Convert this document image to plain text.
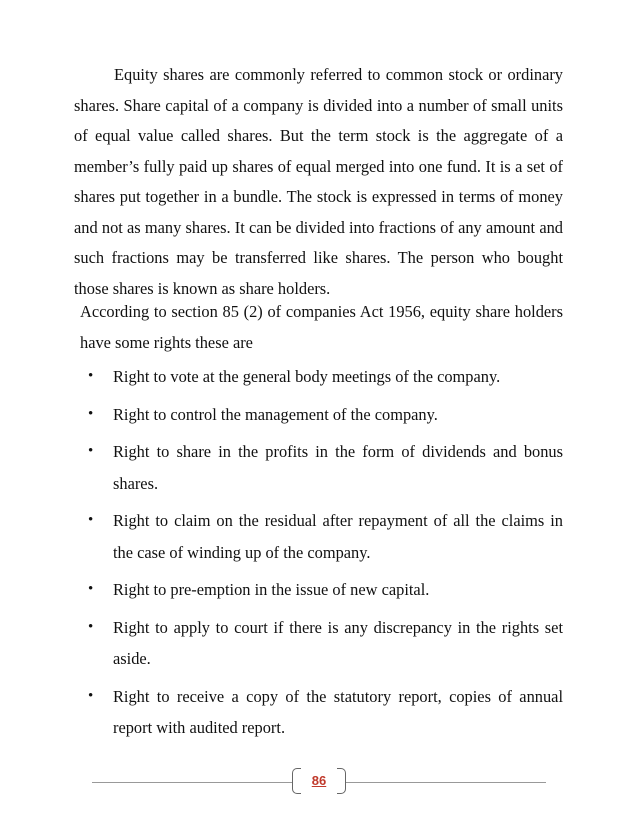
Equity shares are commonly referred to common stock or ordinary shares. Share capital of a company is divided into a number of small units of equal value called shares. But the term stock is the aggregate of a member’s fully paid up shares of equal merged into one fund. It is a set of shares put together in a bundle. The stock is expressed in terms of money and not as many shares. It can be divided into fractions of any amount and such fractions may be transferred like shares. The person who bought those shares is known as share holders.

According to section 85 (2) of companies Act 1956, equity share holders have some rights these are

• Right to vote at the general body meetings of the company.
• Right to control the management of the company.
• Right to share in the profits in the form of dividends and bonus shares.
• Right to claim on the residual after repayment of all the claims in the case of winding up of the company.
• Right to pre-emption in the issue of new capital.
• Right to apply to court if there is any discrepancy in the rights set aside.
• Right to receive a copy of the statutory report, copies of annual report with audited report.
86
